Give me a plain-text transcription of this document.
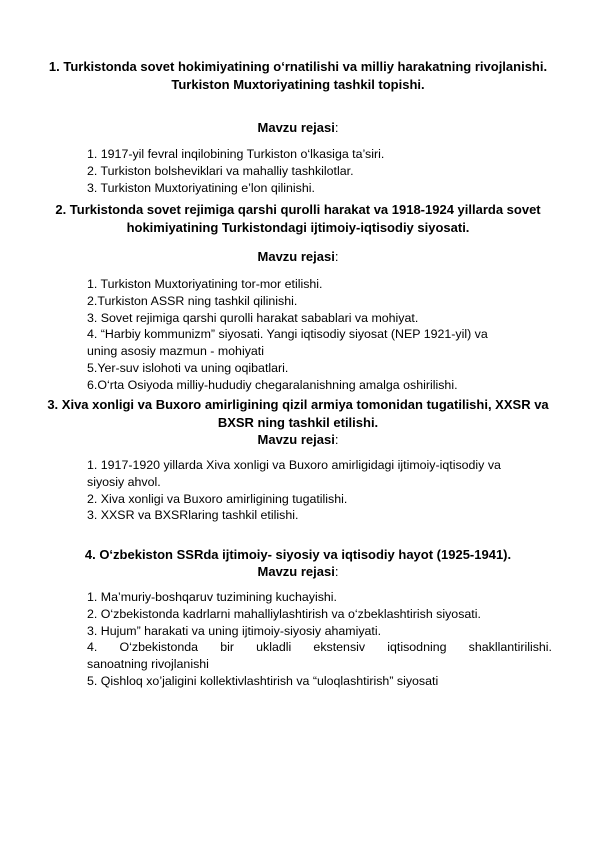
1. Turkistonda sovet hokimiyatining o‘rnatilishi va milliy harakatning rivojlanishi. Turkiston Muxtoriyatining tashkil topishi.

Mavzu rejasi:

1. 1917-yil fevral inqilobining Turkiston o‘lkasiga ta’siri.
2. Turkiston bolsheviklari va mahalliy tashkilotlar.
3. Turkiston Muxtoriyatining e’lon qilinishi.
2. Turkistonda sovet rejimiga qarshi qurolli harakat va 1918-1924 yillarda sovet hokimiyatining Turkistondagi ijtimoiy-iqtisodiy siyosati.

Mavzu rejasi:

1. Turkiston Muxtoriyatining tor-mor etilishi.
2.Turkiston ASSR ning tashkil qilinishi.
3. Sovet rejimiga qarshi qurolli harakat sabablari va mohiyat.
4. “Harbiy kommunizm” siyosati. Yangi iqtisodiy siyosat (NEP 1921-yil) va
uning asosiy mazmun - mohiyati
5.Yer-suv islohoti va uning oqibatlari.
6.O‘rta Osiyoda milliy-hududiy chegaralanishning amalga oshirilishi.
3. Xiva xonligi va Buxoro amirligining qizil armiya tomonidan tugatilishi, XXSR va BXSR ning tashkil etilishi.

Mavzu rejasi:

1. 1917-1920 yillarda Xiva xonligi va Buxoro amirligidagi ijtimoiy-iqtisodiy va
siyosiy ahvol.
2. Xiva xonligi va Buxoro amirligining tugatilishi.
3. XXSR va BXSRlaring tashkil etilishi.
4. O‘zbekiston SSRda ijtimoiy- siyosiy va iqtisodiy hayot (1925-1941).

Mavzu rejasi:

1. Ma’muriy-boshqaruv tuzimining kuchayishi.
2. O‘zbekistonda kadrlarni mahalliylashtirish va o‘zbeklashtirish siyosati.
3. Hujum” harakati va uning ijtimoiy-siyosiy ahamiyati.
4. O‘zbekistonda bir ukladli ekstensiv iqtisodning shakllantirilishi.
sanoatning rivojlanishi
5. Qishloq xo’jaligini kollektivlashtirish va “uloqlashtirish” siyosati
